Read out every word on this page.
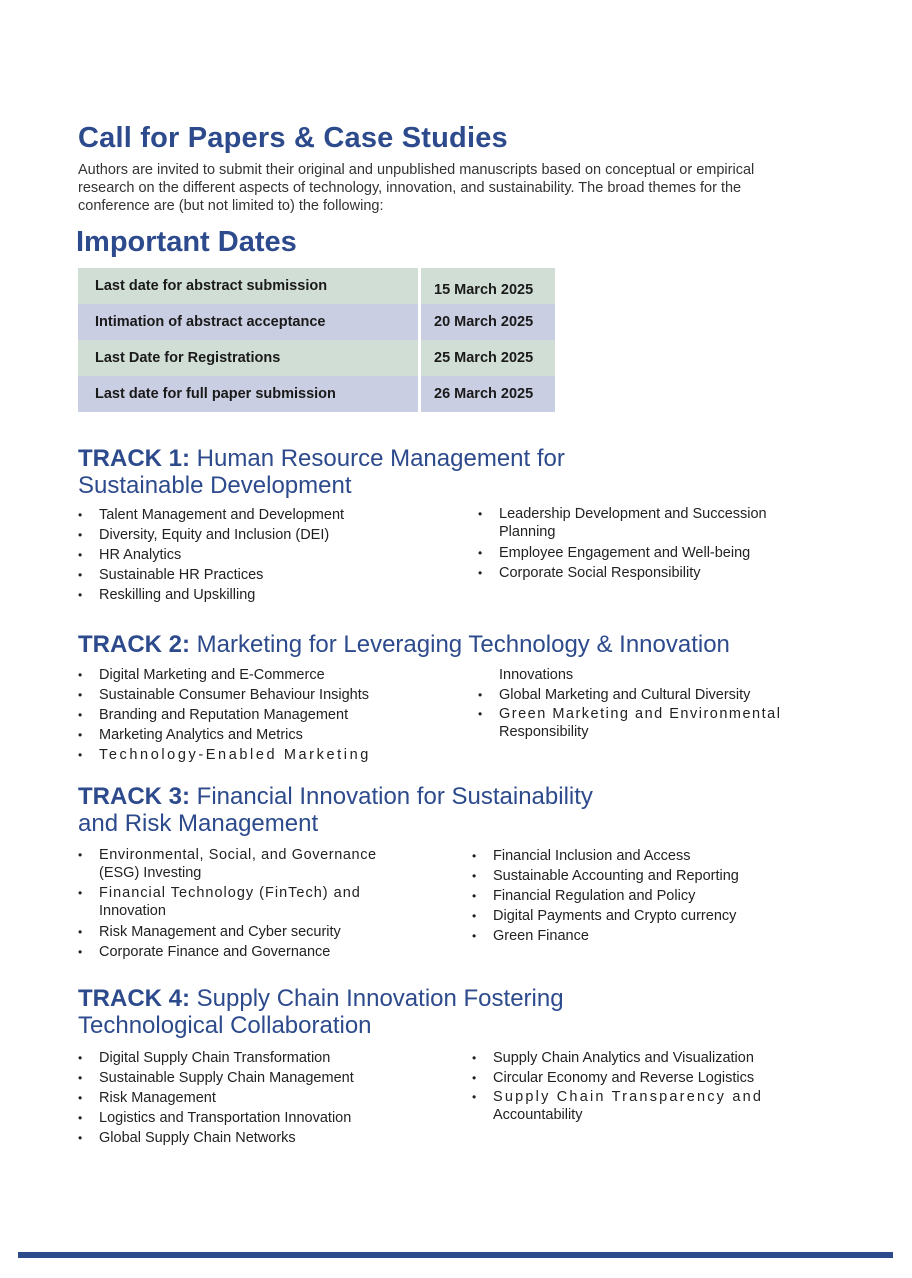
Call for Papers & Case Studies

Authors are invited to submit their original and unpublished manuscripts based on conceptual or empirical research on the different aspects of technology, innovation, and sustainability. The broad themes for the conference are (but not limited to) the following:

Important Dates
Last date for abstract submission		15 March 2025
Intimation of abstract acceptance		20 March 2025
Last Date for Registrations		25 March 2025
Last date for full paper submission		26 March 2025
TRACK 1: Human Resource Management for
Sustainable Development
• Talent Management and Development
• Diversity, Equity and Inclusion (DEI)
• HR Analytics
• Sustainable HR Practices
• Reskilling and Upskilling
• Leadership Development and Succession
Planning
• Employee Engagement and Well-being
• Corporate Social Responsibility
TRACK 2: Marketing for Leveraging Technology & Innovation
• Digital Marketing and E-Commerce
• Sustainable Consumer Behaviour Insights
• Branding and Reputation Management
• Marketing Analytics and Metrics
• Technology-Enabled Marketing
Innovations
• Global Marketing and Cultural Diversity
• Green Marketing and Environmental
Responsibility
TRACK 3: Financial Innovation for Sustainability
and Risk Management
• Environmental, Social, and Governance
(ESG) Investing
• Financial Technology (FinTech) and
Innovation
• Risk Management and Cyber security
• Corporate Finance and Governance
• Financial Inclusion and Access
• Sustainable Accounting and Reporting
• Financial Regulation and Policy
• Digital Payments and Crypto currency
• Green Finance
TRACK 4: Supply Chain Innovation Fostering
Technological Collaboration
• Digital Supply Chain Transformation
• Sustainable Supply Chain Management
• Risk Management
• Logistics and Transportation Innovation
• Global Supply Chain Networks
• Supply Chain Analytics and Visualization
• Circular Economy and Reverse Logistics
• Supply Chain Transparency and
Accountability
